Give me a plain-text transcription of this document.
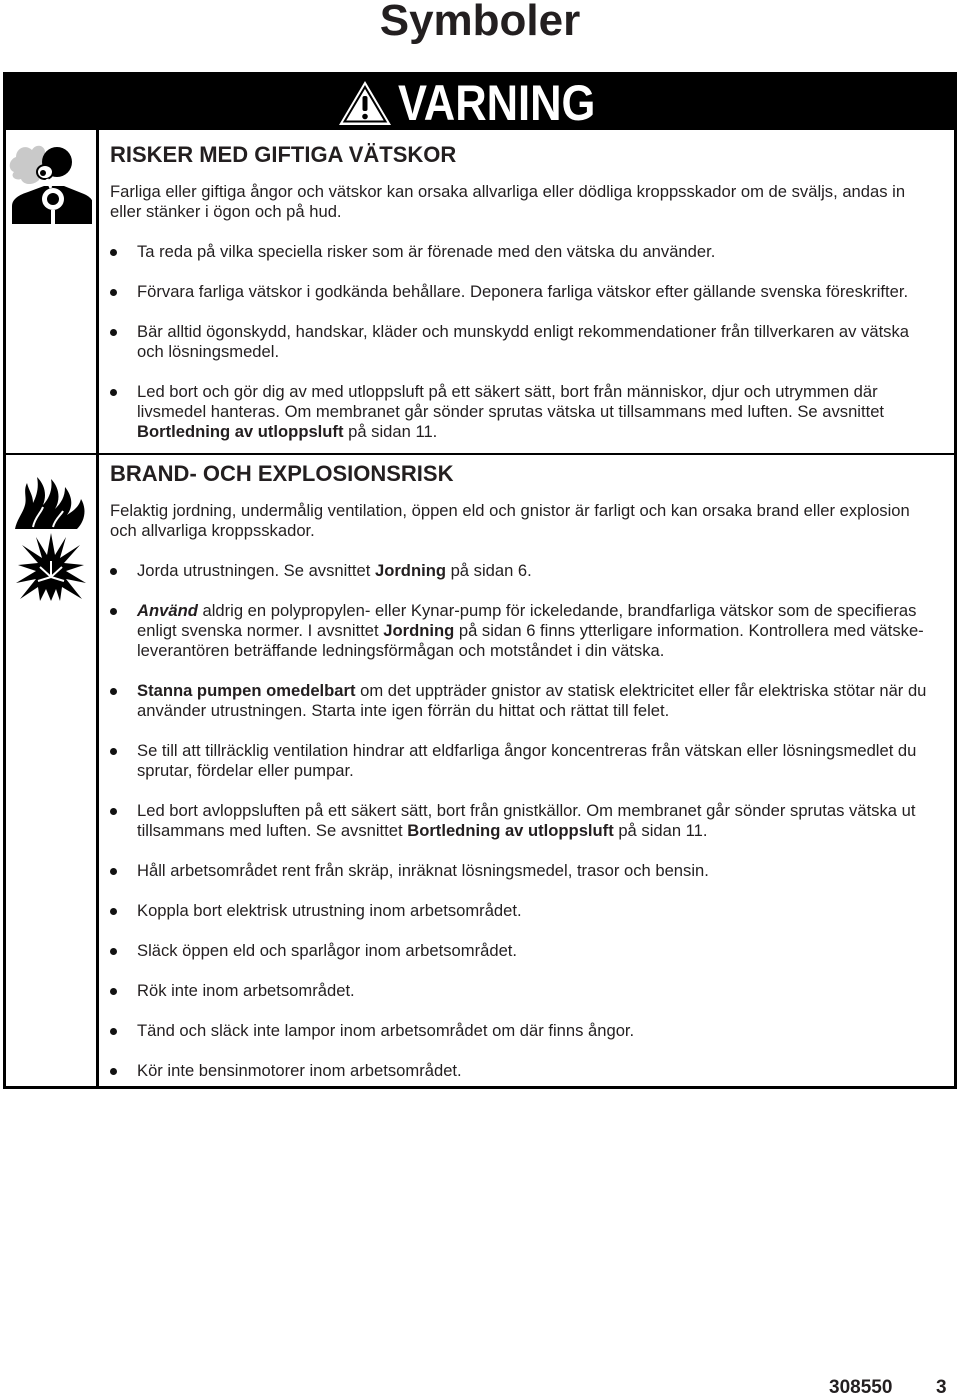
Symboler
VARNING
RISKER MED GIFTIGA VÄTSKOR

Farliga eller giftiga ångor och vätskor kan orsaka allvarliga eller dödliga kroppsskador om de sväljs, andas in eller stänker i ögon och på hud.

Ta reda på vilka speciella risker som är förenade med den vätska du använder.
Förvara farliga vätskor i godkända behållare. Deponera farliga vätskor efter gällande svenska föreskrifter.
Bär alltid ögonskydd, handskar, kläder och munskydd enligt rekommendationer från tillverkaren av vätska och lösningsmedel.
Led bort och gör dig av med utloppsluft på ett säkert sätt, bort från människor, djur och utrymmen där livsmedel hanteras. Om membranet går sönder sprutas vätska ut tillsammans med luften. Se avsnittet Bortledning av utloppsluft på sidan 11.
BRAND- OCH EXPLOSIONSRISK

Felaktig jordning, undermålig ventilation, öppen eld och gnistor är farligt och kan orsaka brand eller explosion och allvarliga kroppsskador.

Jorda utrustningen. Se avsnittet Jordning på sidan 6.
Använd aldrig en polypropylen- eller Kynar-pump för ickeledande, brandfarliga vätskor som de specifieras enligt svenska normer. I avsnittet Jordning på sidan 6 finns ytterligare information. Kontrollera med vätske-leverantören beträffande ledningsförmågan och motståndet i din vätska.
Stanna pumpen omedelbart om det uppträder gnistor av statisk elektricitet eller får elektriska stötar när du använder utrustningen. Starta inte igen förrän du hittat och rättat till felet.
Se till att tillräcklig ventilation hindrar att eldfarliga ångor koncentreras från vätskan eller lösningsmedlet du sprutar, fördelar eller pumpar.
Led bort avloppsluften på ett säkert sätt, bort från gnistkällor. Om membranet går sönder sprutas vätska ut tillsammans med luften. Se avsnittet Bortledning av utloppsluft på sidan 11.
Håll arbetsområdet rent från skräp, inräknat lösningsmedel, trasor och bensin.
Koppla bort elektrisk utrustning inom arbetsområdet.
Släck öppen eld och sparlågor inom arbetsområdet.
Rök inte inom arbetsområdet.
Tänd och släck inte lampor inom arbetsområdet om där finns ångor.
Kör inte bensinmotorer inom arbetsområdet.
308550 3
